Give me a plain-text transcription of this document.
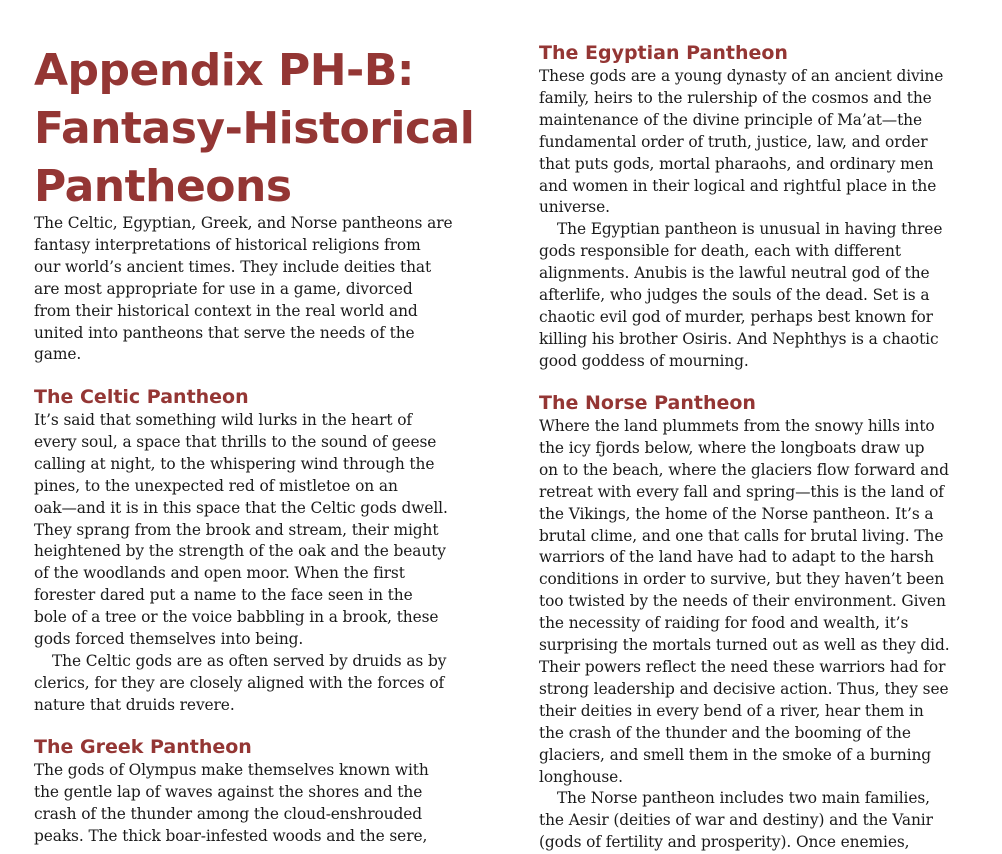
Appendix PH-B:
Fantasy-Historical
Pantheons

The Celtic, Egyptian, Greek, and Norse pantheons are
fantasy interpretations of historical religions from
our world’s ancient times. They include deities that
are most appropriate for use in a game, divorced
from their historical context in the real world and
united into pantheons that serve the needs of the
game.

The Celtic Pantheon

It’s said that something wild lurks in the heart of
every soul, a space that thrills to the sound of geese
calling at night, to the whispering wind through the
pines, to the unexpected red of mistletoe on an
oak—and it is in this space that the Celtic gods dwell.
They sprang from the brook and stream, their might
heightened by the strength of the oak and the beauty
of the woodlands and open moor. When the first
forester dared put a name to the face seen in the
bole of a tree or the voice babbling in a brook, these
gods forced themselves into being.
The Celtic gods are as often served by druids as by
clerics, for they are closely aligned with the forces of
nature that druids revere.

The Greek Pantheon

The gods of Olympus make themselves known with
the gentle lap of waves against the shores and the
crash of the thunder among the cloud-enshrouded
peaks. The thick boar-infested woods and the sere,

The Egyptian Pantheon

These gods are a young dynasty of an ancient divine
family, heirs to the rulership of the cosmos and the
maintenance of the divine principle of Ma’at—the
fundamental order of truth, justice, law, and order
that puts gods, mortal pharaohs, and ordinary men
and women in their logical and rightful place in the
universe.
The Egyptian pantheon is unusual in having three
gods responsible for death, each with different
alignments. Anubis is the lawful neutral god of the
afterlife, who judges the souls of the dead. Set is a
chaotic evil god of murder, perhaps best known for
killing his brother Osiris. And Nephthys is a chaotic
good goddess of mourning.

The Norse Pantheon

Where the land plummets from the snowy hills into
the icy fjords below, where the longboats draw up
on to the beach, where the glaciers flow forward and
retreat with every fall and spring—this is the land of
the Vikings, the home of the Norse pantheon. It’s a
brutal clime, and one that calls for brutal living. The
warriors of the land have had to adapt to the harsh
conditions in order to survive, but they haven’t been
too twisted by the needs of their environment. Given
the necessity of raiding for food and wealth, it’s
surprising the mortals turned out as well as they did.
Their powers reflect the need these warriors had for
strong leadership and decisive action. Thus, they see
their deities in every bend of a river, hear them in
the crash of the thunder and the booming of the
glaciers, and smell them in the smoke of a burning
longhouse.
The Norse pantheon includes two main families,
the Aesir (deities of war and destiny) and the Vanir
(gods of fertility and prosperity). Once enemies,
